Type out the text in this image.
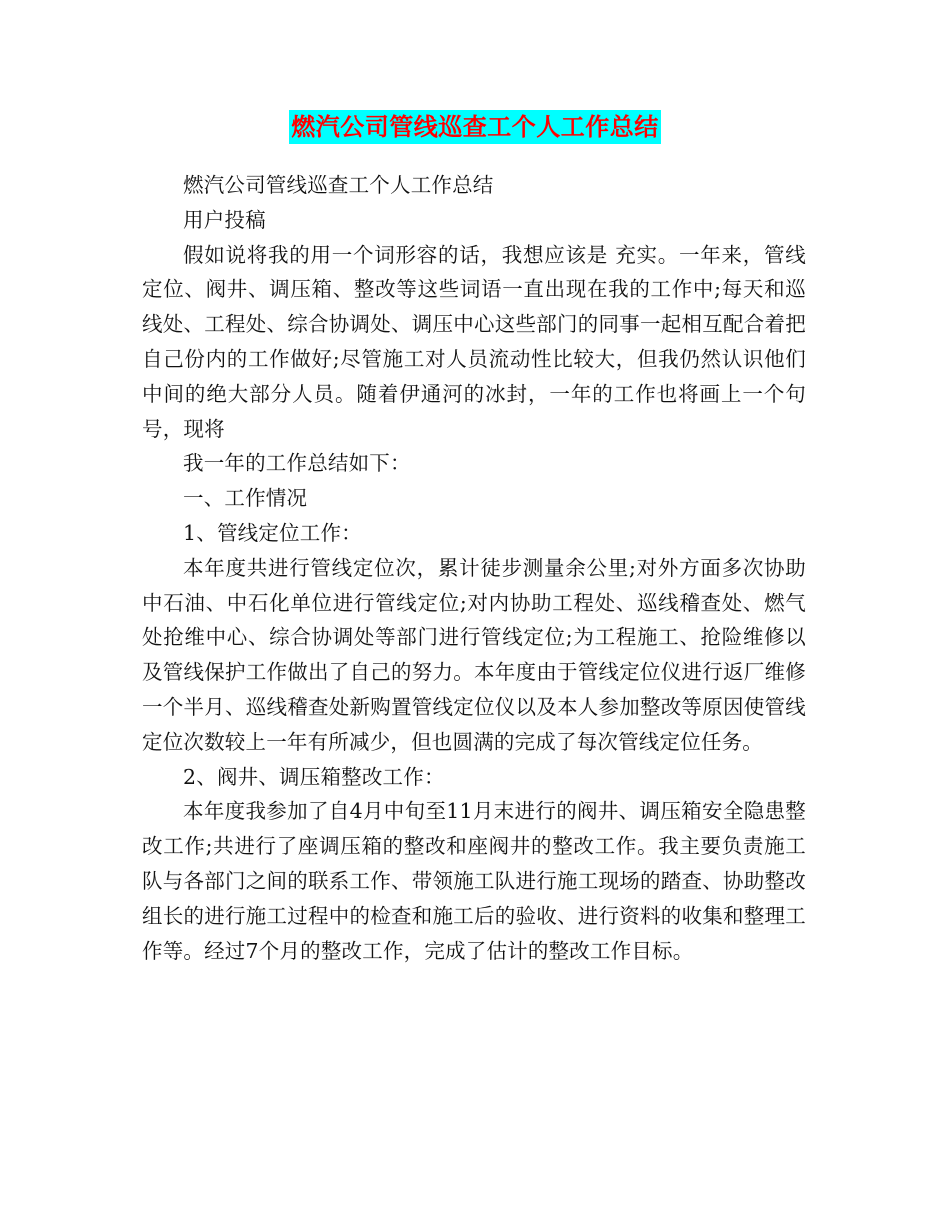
燃汽公司管线巡查工个人工作总结

燃汽公司管线巡查工个人工作总结

用户投稿

假如说将我的用一个词形容的话，我想应该是 充实。一年来，管线定位、阀井、调压箱、整改等这些词语一直出现在我的工作中;每天和巡线处、工程处、综合协调处、调压中心这些部门的同事一起相互配合着把自己份内的工作做好;尽管施工对人员流动性比较大，但我仍然认识他们中间的绝大部分人员。随着伊通河的冰封，一年的工作也将画上一个句号，现将

我一年的工作总结如下：

一、工作情况

1、管线定位工作：

本年度共进行管线定位次，累计徒步测量余公里;对外方面多次协助中石油、中石化单位进行管线定位;对内协助工程处、巡线稽查处、燃气处抢维中心、综合协调处等部门进行管线定位;为工程施工、抢险维修以及管线保护工作做出了自己的努力。本年度由于管线定位仪进行返厂维修一个半月、巡线稽查处新购置管线定位仪以及本人参加整改等原因使管线定位次数较上一年有所减少，但也圆满的完成了每次管线定位任务。

2、阀井、调压箱整改工作：

本年度我参加了自4月中旬至11月末进行的阀井、调压箱安全隐患整改工作;共进行了座调压箱的整改和座阀井的整改工作。我主要负责施工队与各部门之间的联系工作、带领施工队进行施工现场的踏查、协助整改组长的进行施工过程中的检查和施工后的验收、进行资料的收集和整理工作等。经过7个月的整改工作，完成了估计的整改工作目标。
